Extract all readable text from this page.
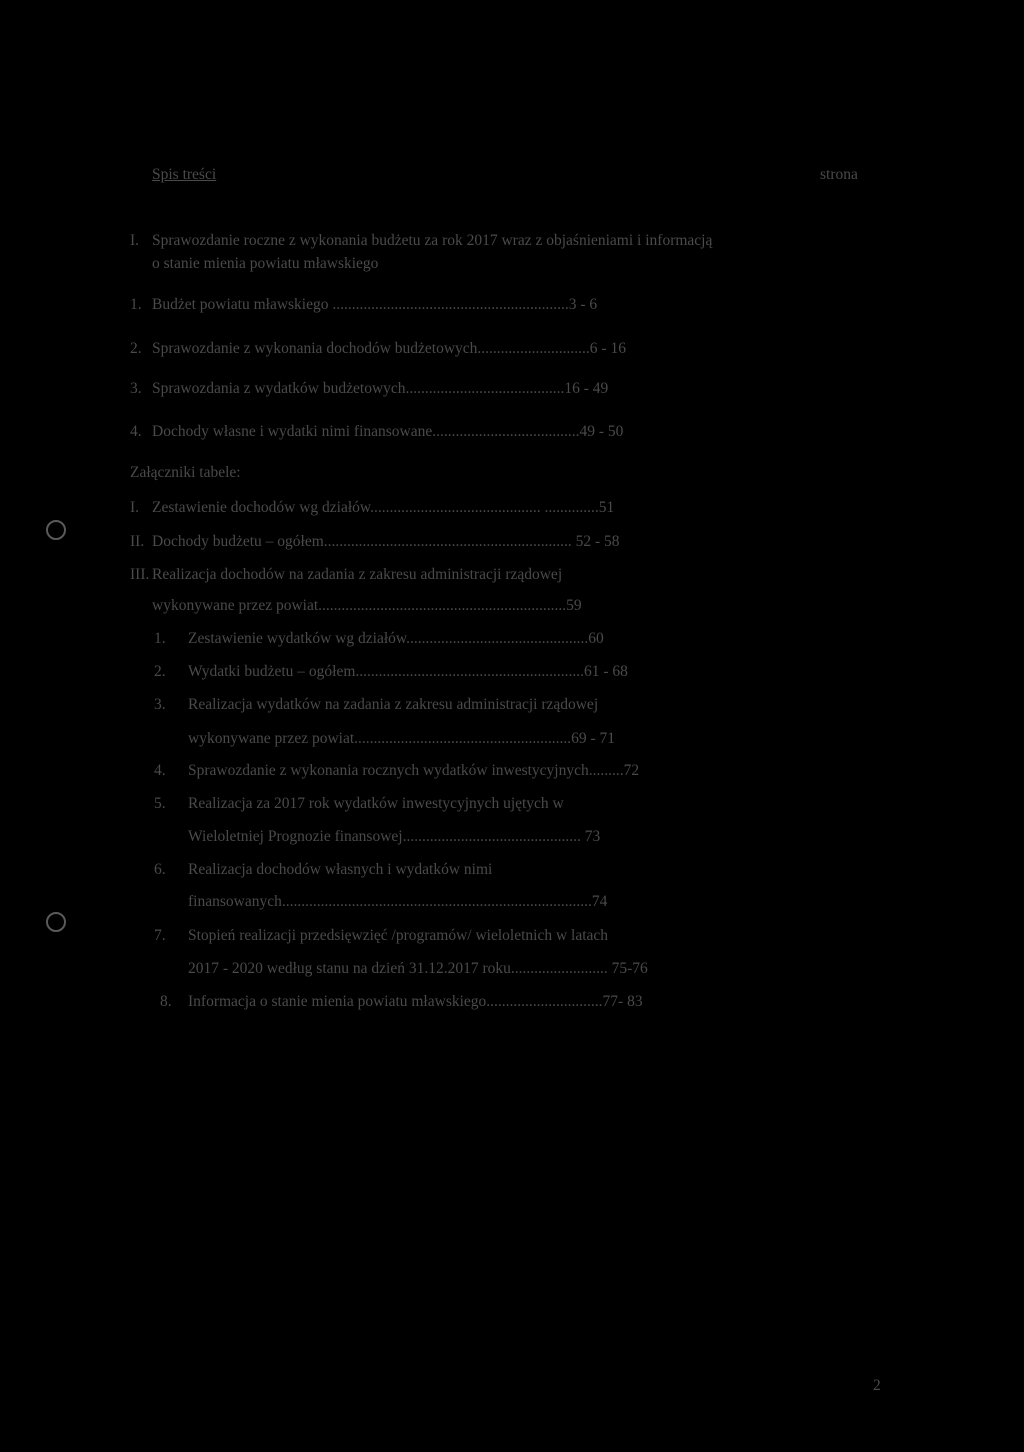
Spis treści	strona
I. Sprawozdanie roczne z wykonania budżetu za rok 2017 wraz z objaśnieniami i informacją
o stanie mienia powiatu mławskiego
1. Budżet powiatu mławskiego .............................................................3 - 6
2. Sprawozdanie z wykonania dochodów budżetowych.............................6 - 16
3. Sprawozdania z wydatków budżetowych.........................................16 - 49
4. Dochody własne i wydatki nimi finansowane......................................49 - 50
Załączniki tabele:
I. Zestawienie dochodów wg działów............................................ ..............51
II. Dochody budżetu – ogółem................................................................ 52 - 58
III. Realizacja dochodów na zadania z zakresu administracji rządowej
wykonywane przez powiat................................................................59
1. Zestawienie wydatków wg działów...............................................60
2. Wydatki budżetu – ogółem...........................................................61 - 68
3. Realizacja wydatków na zadania z zakresu administracji rządowej
wykonywane przez powiat........................................................69 - 71
4. Sprawozdanie z wykonania rocznych wydatków inwestycyjnych.........72
5. Realizacja za 2017 rok wydatków inwestycyjnych ujętych w
Wieloletniej Prognozie finansowej.............................................. 73
6. Realizacja dochodów własnych i wydatków nimi
finansowanych................................................................................74
7. Stopień realizacji przedsięwzięć /programów/ wieloletnich w latach
2017 - 2020 według stanu na dzień 31.12.2017 roku......................... 75-76
8. Informacja o stanie mienia powiatu mławskiego..............................77- 83
2
